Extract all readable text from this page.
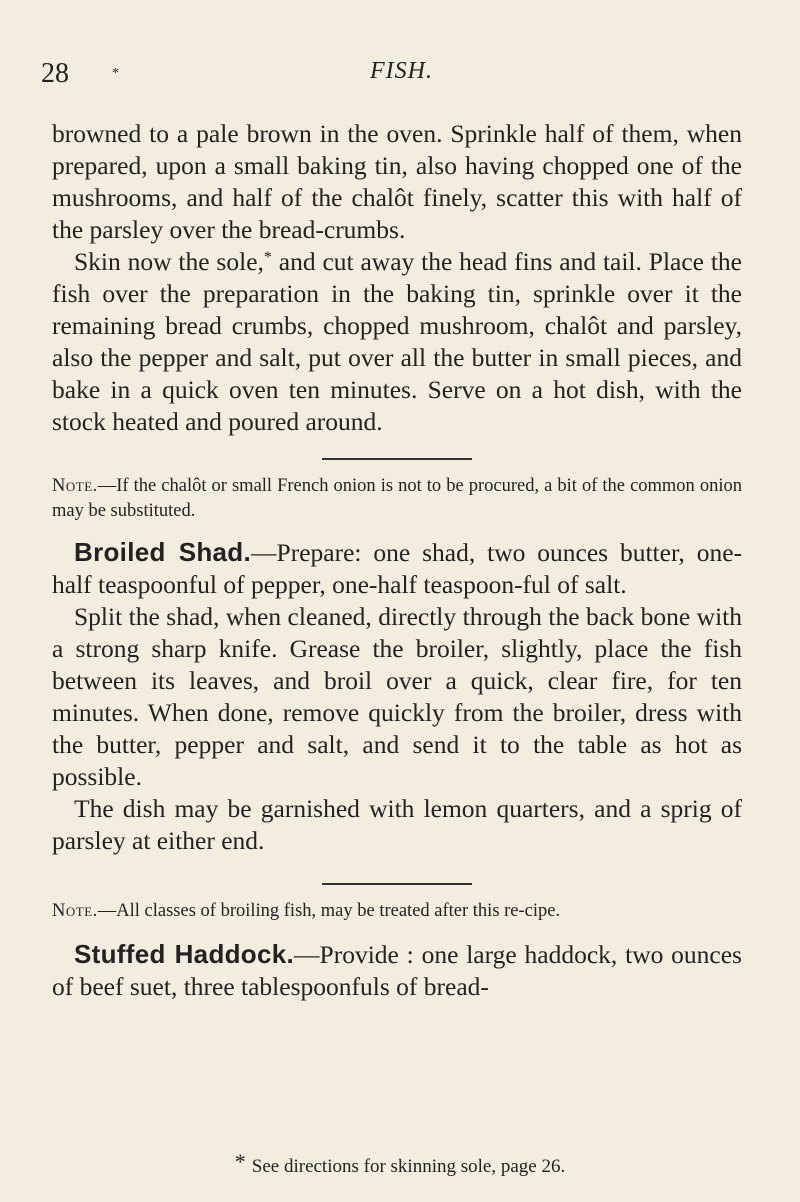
28	*	FISH.

browned to a pale brown in the oven. Sprinkle half of them, when prepared, upon a small baking tin, also having chopped one of the mushrooms, and half of the chalôt finely, scatter this with half of the parsley over the bread-crumbs.

Skin now the sole,* and cut away the head fins and tail. Place the fish over the preparation in the baking tin, sprinkle over it the remaining bread crumbs, chopped mushroom, chalôt and parsley, also the pepper and salt, put over all the butter in small pieces, and bake in a quick oven ten minutes. Serve on a hot dish, with the stock heated and poured around.

Note.—If the chalôt or small French onion is not to be procured, a bit of the common onion may be substituted.

Broiled Shad.—Prepare: one shad, two ounces butter, one-half teaspoonful of pepper, one-half teaspoon-ful of salt.

Split the shad, when cleaned, directly through the back bone with a strong sharp knife. Grease the broiler, slightly, place the fish between its leaves, and broil over a quick, clear fire, for ten minutes. When done, remove quickly from the broiler, dress with the butter, pepper and salt, and send it to the table as hot as possible.

The dish may be garnished with lemon quarters, and a sprig of parsley at either end.

Note.—All classes of broiling fish, may be treated after this re-cipe.

Stuffed Haddock.—Provide : one large haddock, two ounces of beef suet, three tablespoonfuls of bread-

* See directions for skinning sole, page 26.
